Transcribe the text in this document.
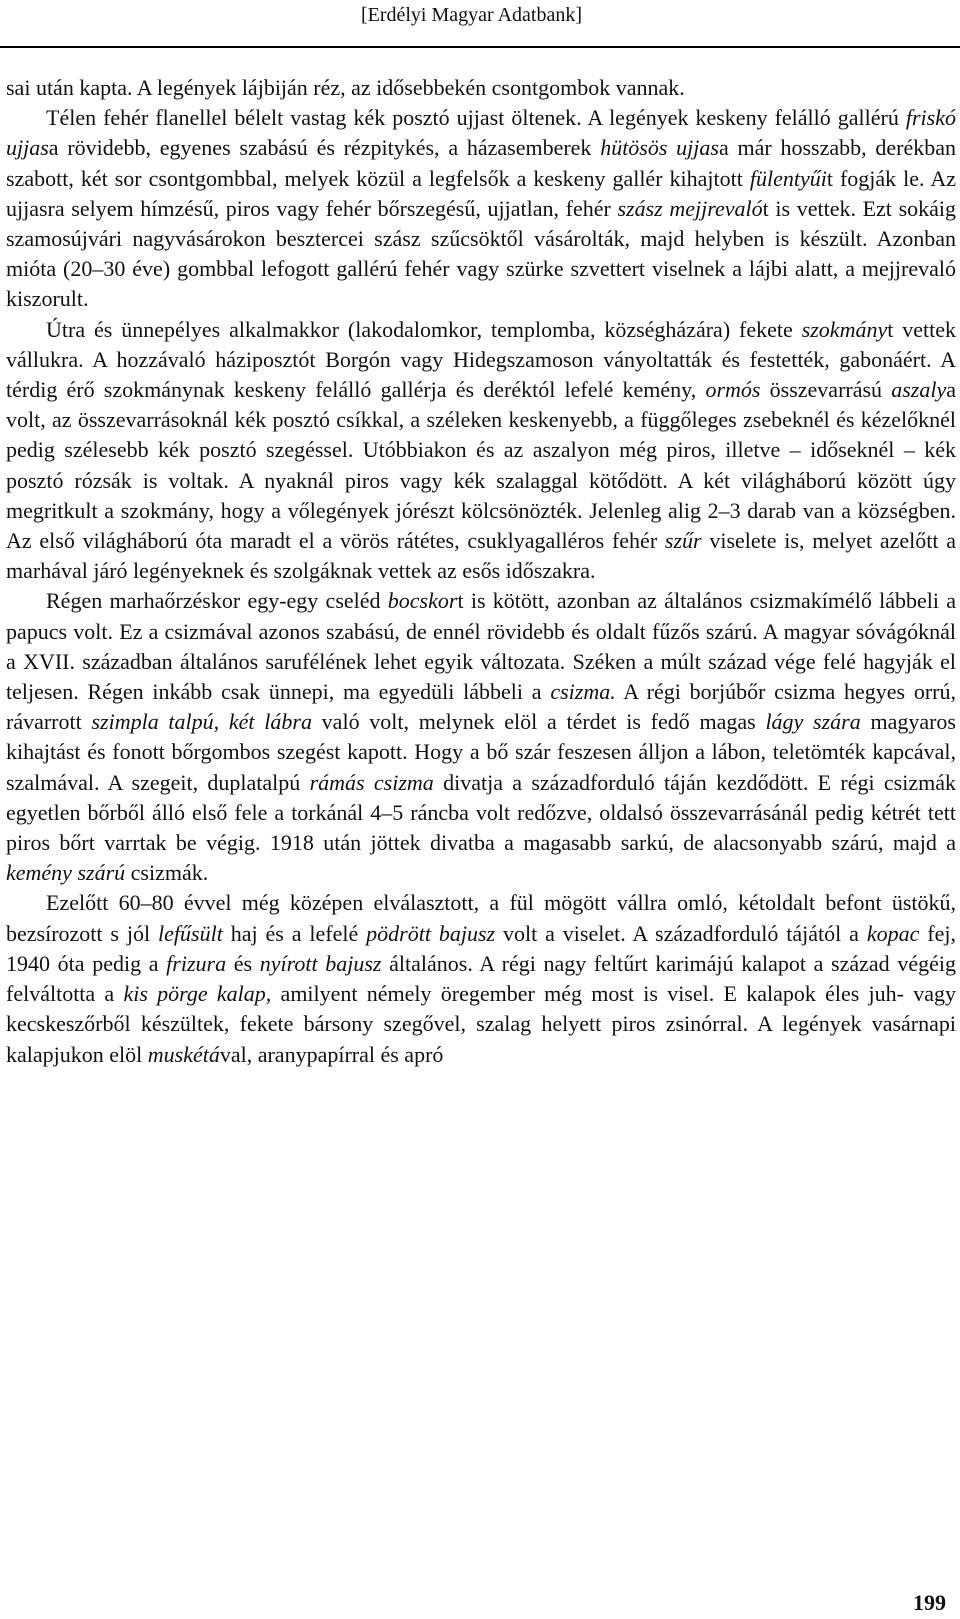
[Erdélyi Magyar Adatbank]

sai után kapta. A legények lájbiján réz, az idősebbekén csontgombok vannak.

Télen fehér flanellel bélelt vastag kék posztó ujjast öltenek. A legények keskeny felálló gallérú friskó ujjasa rövidebb, egyenes szabású és rézpitykés, a házasemberek hütösös ujjasa már hosszabb, derékban szabott, két sor csontgombbal, melyek közül a legfelsők a keskeny gallér kihajtott fülentyűit fogják le. Az ujjasra selyem hímzésű, piros vagy fehér bőrszegésű, ujjatlan, fehér szász mejjrevalót is vettek. Ezt sokáig szamosújvári nagyvásárokon besztercei szász szűcsöktől vásárolták, majd helyben is készült. Azonban mióta (20–30 éve) gombbal lefogott gallérú fehér vagy szürke szvettert viselnek a lájbi alatt, a mejjrevaló kiszorult.

Útra és ünnepélyes alkalmakkor (lakodalomkor, templomba, községházára) fekete szokmányt vettek vállukra. A hozzávaló háziposztót Borgón vagy Hidegszamoson ványoltatták és festették, gabonáért. A térdig érő szokmánynak keskeny felálló gallérja és deréktól lefelé kemény, ormós összevarrású aszalya volt, az összevarrásoknál kék posztó csíkkal, a széleken keskenyebb, a függőleges zsebeknél és kézelőknél pedig szélesebb kék posztó szegéssel. Utóbbiakon és az aszalyon még piros, illetve – időseknél – kék posztó rózsák is voltak. A nyaknál piros vagy kék szalaggal kötődött. A két világháború között úgy megritkult a szokmány, hogy a vőlegények jórészt kölcsönözték. Jelenleg alig 2–3 darab van a községben. Az első világháború óta maradt el a vörös rátétes, csuklyagalléros fehér szűr viselete is, melyet azelőtt a marhával járó legényeknek és szolgáknak vettek az esős időszakra.

Régen marhaőrzéskor egy-egy cseléd bocskort is kötött, azonban az általános csizmakímélő lábbeli a papucs volt. Ez a csizmával azonos szabású, de ennél rövidebb és oldalt fűzős szárú. A magyar sóvágóknál a XVII. században általános sarufélének lehet egyik változata. Széken a múlt század vége felé hagyják el teljesen. Régen inkább csak ünnepi, ma egyedüli lábbeli a csizma. A régi borjúbőr csizma hegyes orrú, rávarrott szimpla talpú, két lábra való volt, melynek elöl a térdet is fedő magas lágy szára magyaros kihajtást és fonott bőrgombos szegést kapott. Hogy a bő szár feszesen álljon a lábon, teletömték kapcával, szalmával. A szegeit, duplatalpú rámás csizma divatja a századforduló táján kezdődött. E régi csizmák egyetlen bőrből álló első fele a torkánál 4–5 ráncba volt redőzve, oldalsó összevarrásánál pedig kétrét tett piros bőrt varrtak be végig. 1918 után jöttek divatba a magasabb sarkú, de alacsonyabb szárú, majd a kemény szárú csizmák.

Ezelőtt 60–80 évvel még középen elválasztott, a fül mögött vállra omló, kétoldalt befont üstökű, bezsírozott s jól lefűsült haj és a lefelé pödrött bajusz volt a viselet. A századforduló tájától a kopac fej, 1940 óta pedig a frizura és nyírott bajusz általános. A régi nagy feltűrt karimájú kalapot a század végéig felváltotta a kis pörge kalap, amilyent némely öregember még most is visel. E kalapok éles juh- vagy kecskeszőrből készültek, fekete bársony szegővel, szalag helyett piros zsinórral. A legények vasárnapi kalapjukon elöl muskétával, aranypapírral és apró

199
